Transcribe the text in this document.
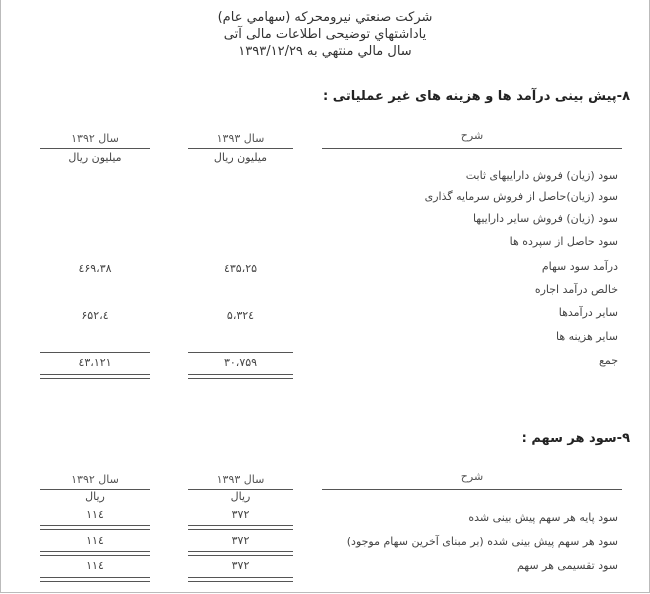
شرکت صنعتي نيرومحرکه (سهامي عام)
ياداشتهاي توضيحی اطلاعات مالی آتی
سال مالي منتهي به ۱۳۹۳/۱۲/۲۹
۸-پیش بینی درآمد ها و هزینه های غیر عملیاتی :
شرح
سال ۱۳۹۳
سال ۱۳۹۲
میلیون ریال
میلیون ریال
سود (زیان) فروش داراییهای ثابت
سود (زیان)حاصل از فروش سرمایه گذاری
سود (زیان) فروش سایر داراییها
سود حاصل از سپرده ها
درآمد سود سهام
۲۵،٤۳۵
۳۸،٤۶۹
خالص درآمد اجاره
سایر درآمدها
۵،۳۲٤
٤،۶۵۲
سایر هزینه ها
جمع
۳۰،۷۵۹
٤۳،۱۲۱
۹-سود هر سهم :
شرح
سال ۱۳۹۳
سال ۱۳۹۲
ریال
ریال
سود پایه هر سهم پیش بینی شده
۳۷۲
۱۱٤
سود هر سهم پیش بینی شده (بر مبنای آخرین سهام موجود)
۳۷۲
۱۱٤
سود تقسیمی هر سهم
۳۷۲
۱۱٤
